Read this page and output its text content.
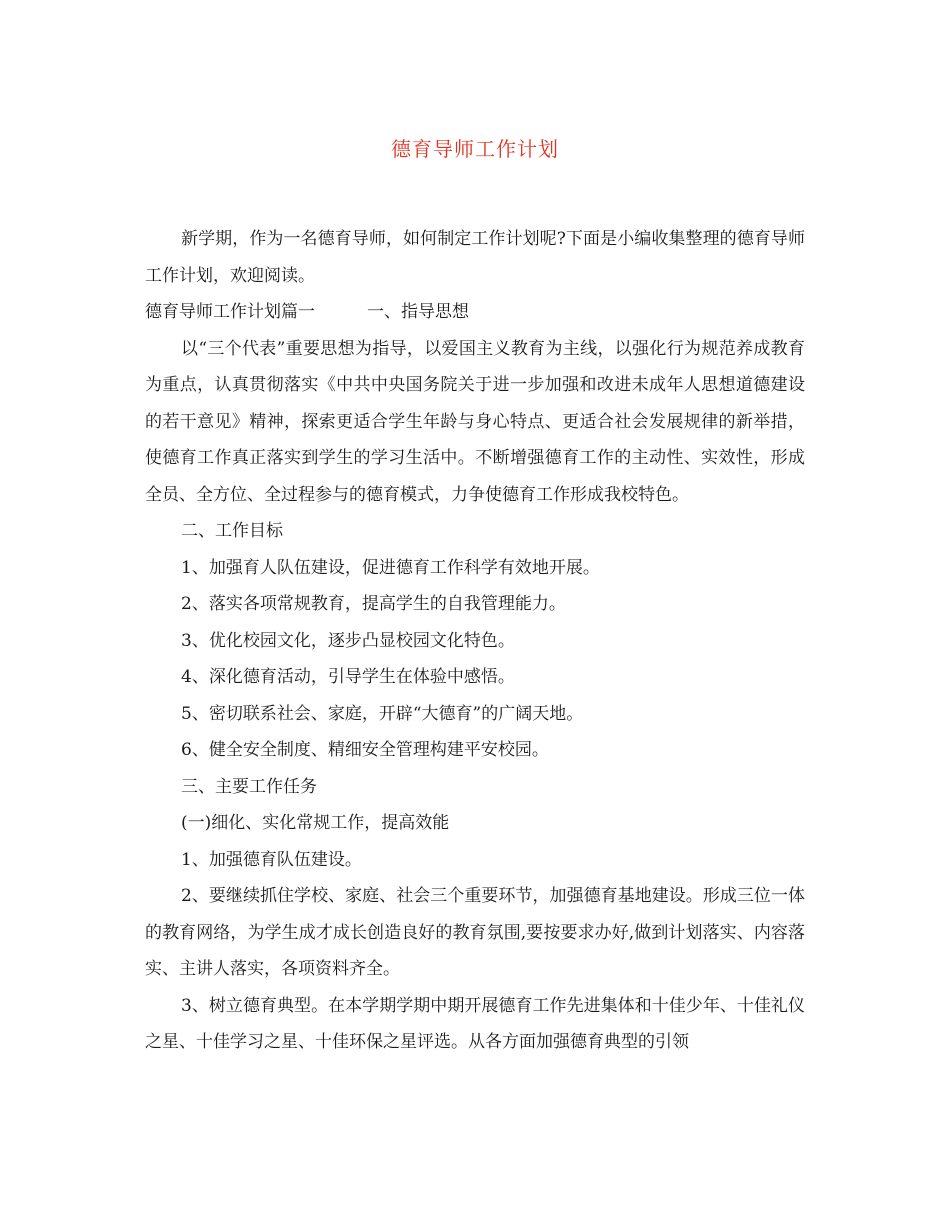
德育导师工作计划

新学期，作为一名德育导师，如何制定工作计划呢?下面是小编收集整理的德育导师工作计划，欢迎阅读。

德育导师工作计划篇一	一、指导思想

以“三个代表”重要思想为指导，以爱国主义教育为主线，以强化行为规范养成教育为重点，认真贯彻落实《中共中央国务院关于进一步加强和改进未成年人思想道德建设的若干意见》精神，探索更适合学生年龄与身心特点、更适合社会发展规律的新举措，使德育工作真正落实到学生的学习生活中。不断增强德育工作的主动性、实效性，形成全员、全方位、全过程参与的德育模式，力争使德育工作形成我校特色。

二、工作目标

1、加强育人队伍建设，促进德育工作科学有效地开展。

2、落实各项常规教育，提高学生的自我管理能力。

3、优化校园文化，逐步凸显校园文化特色。

4、深化德育活动，引导学生在体验中感悟。

5、密切联系社会、家庭，开辟“大德育”的广阔天地。

6、健全安全制度、精细安全管理构建平安校园。

三、主要工作任务

(一)细化、实化常规工作，提高效能

1、加强德育队伍建设。

2、要继续抓住学校、家庭、社会三个重要环节，加强德育基地建设。形成三位一体的教育网络，为学生成才成长创造良好的教育氛围,要按要求办好,做到计划落实、内容落实、主讲人落实，各项资料齐全。

3、树立德育典型。在本学期学期中期开展德育工作先进集体和十佳少年、十佳礼仪之星、十佳学习之星、十佳环保之星评选。从各方面加强德育典型的引领
